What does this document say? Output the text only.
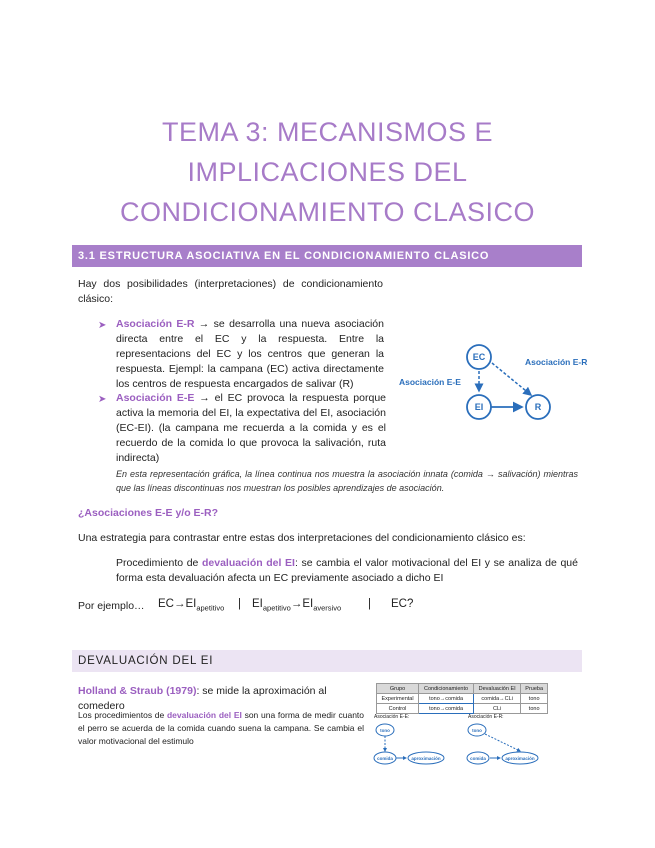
TEMA 3: MECANISMOS E
IMPLICACIONES DEL
CONDICIONAMIENTO CLASICO
3.1 ESTRUCTURA ASOCIATIVA EN EL CONDICIONAMIENTO CLASICO
Hay dos posibilidades (interpretaciones) de condicionamiento clásico:
➤ Asociación E-R → se desarrolla una nueva asociación directa entre el EC y la respuesta. Entre la representacions del EC y los centros que generan la respuesta. Ejempl: la campana (EC) activa directamente los centros de respuesta encargados de salivar (R)
➤ Asociación E-E → el EC provoca la respuesta porque activa la memoria del EI, la expectativa del EI, asociación (EC-EI). (la campana me recuerda a la comida y es el recuerdo de la comida lo que provoca la salivación, ruta indirecta)
EC
EI	R
Asociación E-R
Asociación E-E
En esta representación gráfica, la línea continua nos muestra la asociación innata (comida → salivación) mientras que las líneas discontinuas nos muestran los posibles aprendizajes de asociación.
¿Asociaciones E-E y/o E-R?
Una estrategia para contrastar entre estas dos interpretaciones del condicionamiento clásico es:
Procedimiento de devaluación del EI: se cambia el valor motivacional del EI y se analiza de qué forma esta devaluación afecta un EC previamente asociado a dicho EI
Por ejemplo… $EC\to EI_{apetitivo}$ | $EI_{apetitivo}\to EI_{aversivo}$ | EC?
DEVALUACIÓN DEL EI
Holland & Straub (1979): se mide la aproximación al comedero
Los procedimientos de devaluación del EI son una forma de medir cuanto el perro se acuerda de la comida cuando suena la campana. Se cambia el valor motivacional del estimulo
Grupo	Condicionamiento	Devaluación EI	Prueba
Experimental	tono→comida	comida→CLi	tono
Control	tono→comida	CLi	tono
Asociación E-E:
tono
comida	aproximación
Asociación E-R:
tono
comida	aproximación
